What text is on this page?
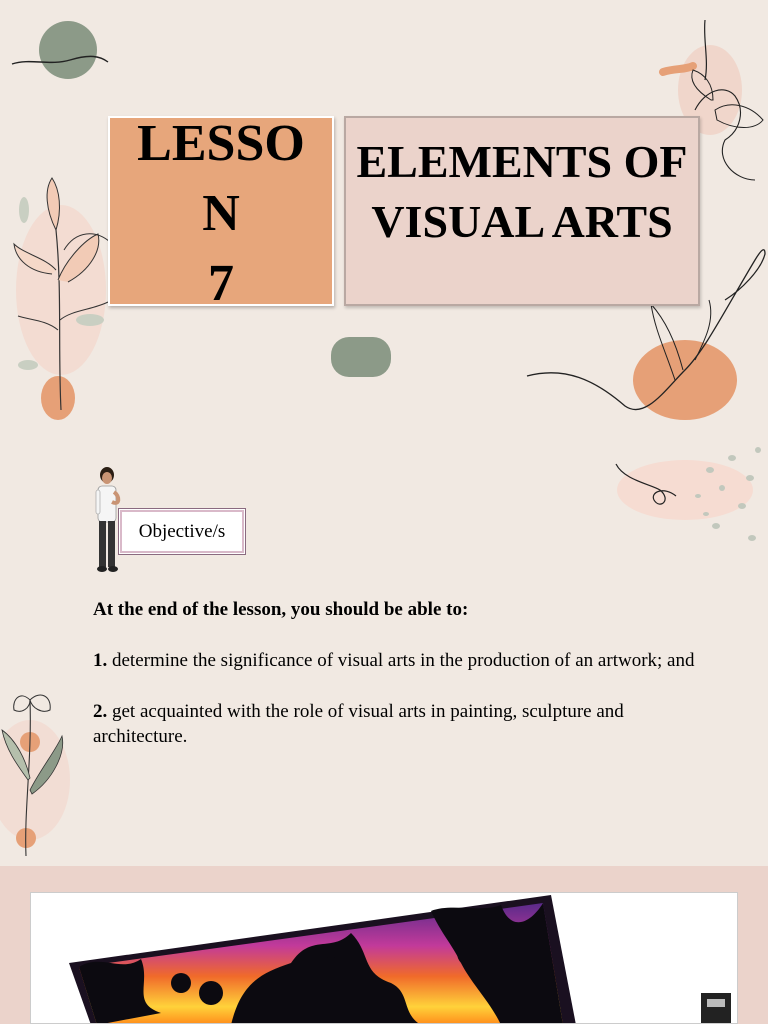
LESSO
N
7
ELEMENTS OF
VISUAL ARTS
Objective/s

At the end of the lesson, you should be able to:

1. determine the significance of visual arts in the production of an artwork; and

2. get acquainted with the role of visual arts in painting, sculpture and architecture.
